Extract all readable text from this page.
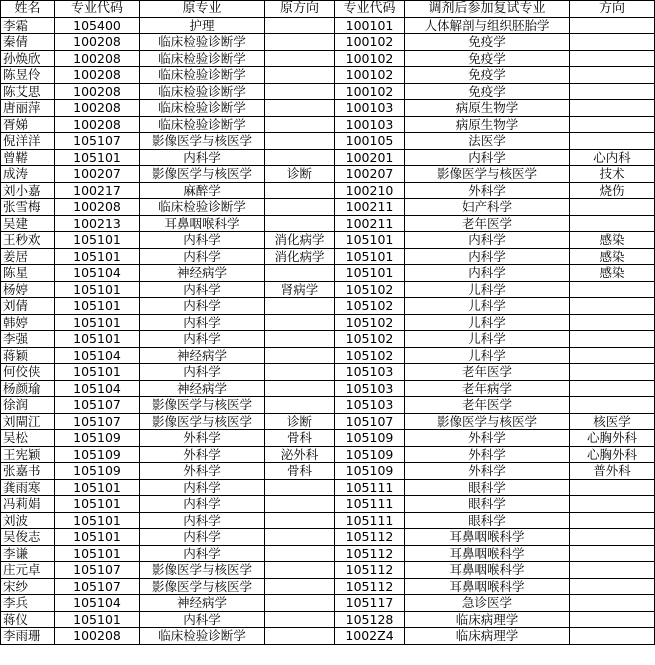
姓名	专业代码	原专业	原方向	专业代码	调剂后参加复试专业	方向
李霜	105400	护理		100101	人体解剖与组织胚胎学	
秦倩	100208	临床检验诊断学		100102	免疫学	
孙焕欣	100208	临床检验诊断学		100102	免疫学	
陈昱伶	100208	临床检验诊断学		100102	免疫学	
陈艾思	100208	临床检验诊断学		100102	免疫学	
唐丽萍	100208	临床检验诊断学		100103	病原生物学	
胥娣	100208	临床检验诊断学		100103	病原生物学	
倪洋洋	105107	影像医学与核医学		100105	法医学	
曾鞯	105101	内科学		100201	内科学	心内科
成涛	100207	影像医学与核医学	诊断	100207	影像医学与核医学	技术
刘小嘉	100217	麻醉学		100210	外科学	烧伤
张雪梅	100208	临床检验诊断学		100211	妇产科学	
吴建	100213	耳鼻咽喉科学		100211	老年医学	
王秒欢	105101	内科学	消化病学	105101	内科学	感染
姜居	105101	内科学	消化病学	105101	内科学	感染
陈星	105104	神经病学		105101	内科学	感染
杨婷	105101	内科学	肾病学	105102	儿科学	
刘倩	105101	内科学		105102	儿科学	
韩婷	105101	内科学		105102	儿科学	
李强	105101	内科学		105102	儿科学	
蒋颖	105104	神经病学		105102	儿科学	
何佼侠	105101	内科学		105103	老年医学	
杨颜瑜	105104	神经病学		105103	老年病学	
徐润	105107	影像医学与核医学		105103	老年医学	
刘閘江	105107	影像医学与核医学	诊断	105107	影像医学与核医学	核医学
吴松	105109	外科学	骨科	105109	外科学	心胸外科
王宪颖	105109	外科学	泌外科	105109	外科学	心胸外科
张嘉书	105109	外科学	骨科	105109	外科学	普外科
龚雨寒	105101	内科学		105111	眼科学	
冯莉娟	105101	内科学		105111	眼科学	
刘波	105101	内科学		105111	眼科学	
吴俊志	105101	内科学		105112	耳鼻咽喉科学	
李谦	105101	内科学		105112	耳鼻咽喉科学	
庄元卓	105107	影像医学与核医学		105112	耳鼻咽喉科学	
宋纱	105107	影像医学与核医学		105112	耳鼻咽喉科学	
李兵	105104	神经病学		105117	急诊医学	
蒋仪	105101	内科学		105128	临床病理学	
李雨珊	100208	临床检验诊断学		1002Z4	临床病理学	
